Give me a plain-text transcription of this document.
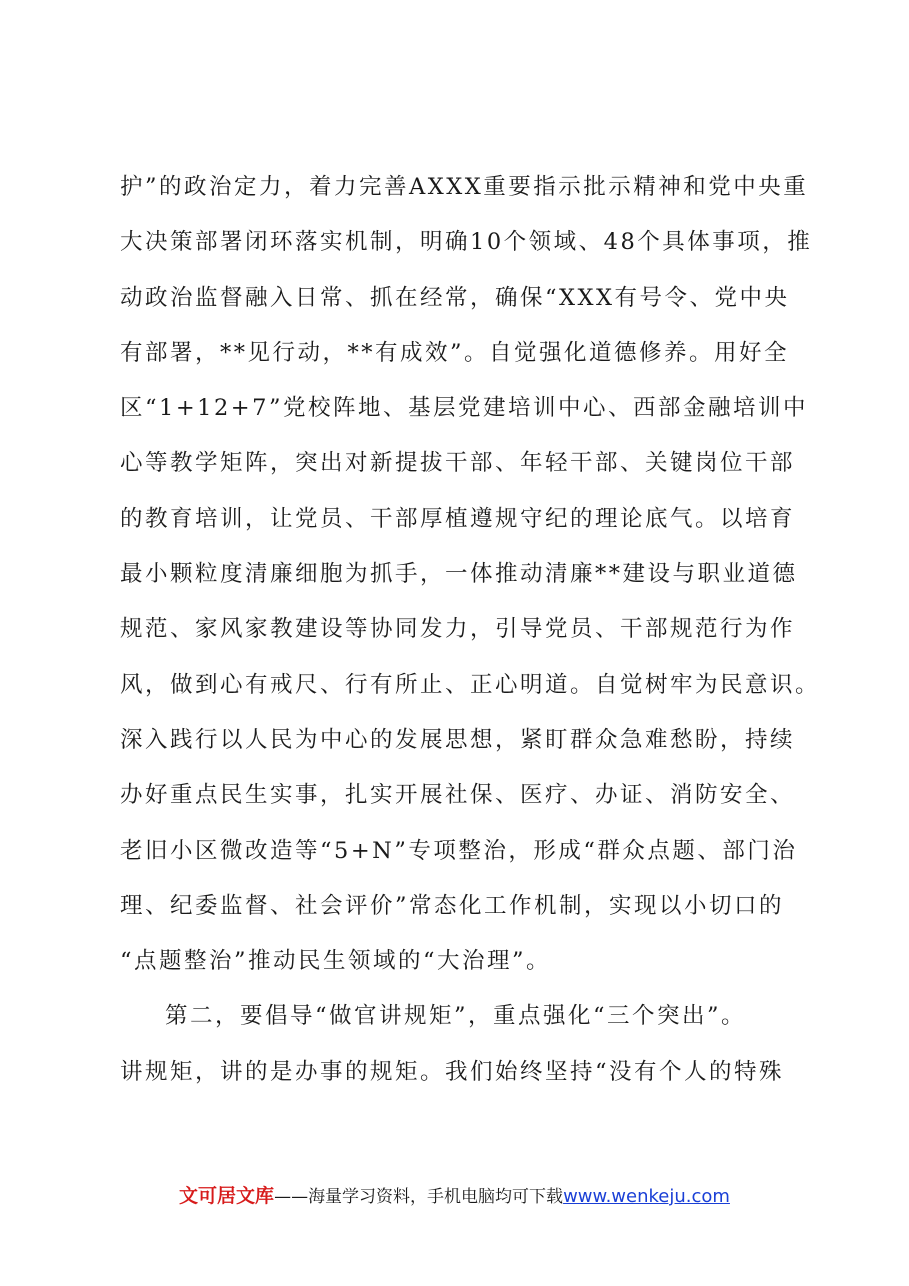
护”的政治定力，着力完善AXXX重要指示批示精神和党中央重
大决策部署闭环落实机制，明确10个领域、48个具体事项，推
动政治监督融入日常、抓在经常，确保“XXX有号令、党中央
有部署，**见行动，**有成效”。自觉强化道德修养。用好全
区“1+12+7”党校阵地、基层党建培训中心、西部金融培训中
心等教学矩阵，突出对新提拔干部、年轻干部、关键岗位干部
的教育培训，让党员、干部厚植遵规守纪的理论底气。以培育
最小颗粒度清廉细胞为抓手，一体推动清廉**建设与职业道德
规范、家风家教建设等协同发力，引导党员、干部规范行为作
风，做到心有戒尺、行有所止、正心明道。自觉树牢为民意识。
深入践行以人民为中心的发展思想，紧盯群众急难愁盼，持续
办好重点民生实事，扎实开展社保、医疗、办证、消防安全、
老旧小区微改造等“5+N”专项整治，形成“群众点题、部门治
理、纪委监督、社会评价”常态化工作机制，实现以小切口的
“点题整治”推动民生领域的“大治理”。
第二，要倡导“做官讲规矩”，重点强化“三个突出”。
讲规矩，讲的是办事的规矩。我们始终坚持“没有个人的特殊
文可居文库——海量学习资料，手机电脑均可下载www.wenkeju.com
